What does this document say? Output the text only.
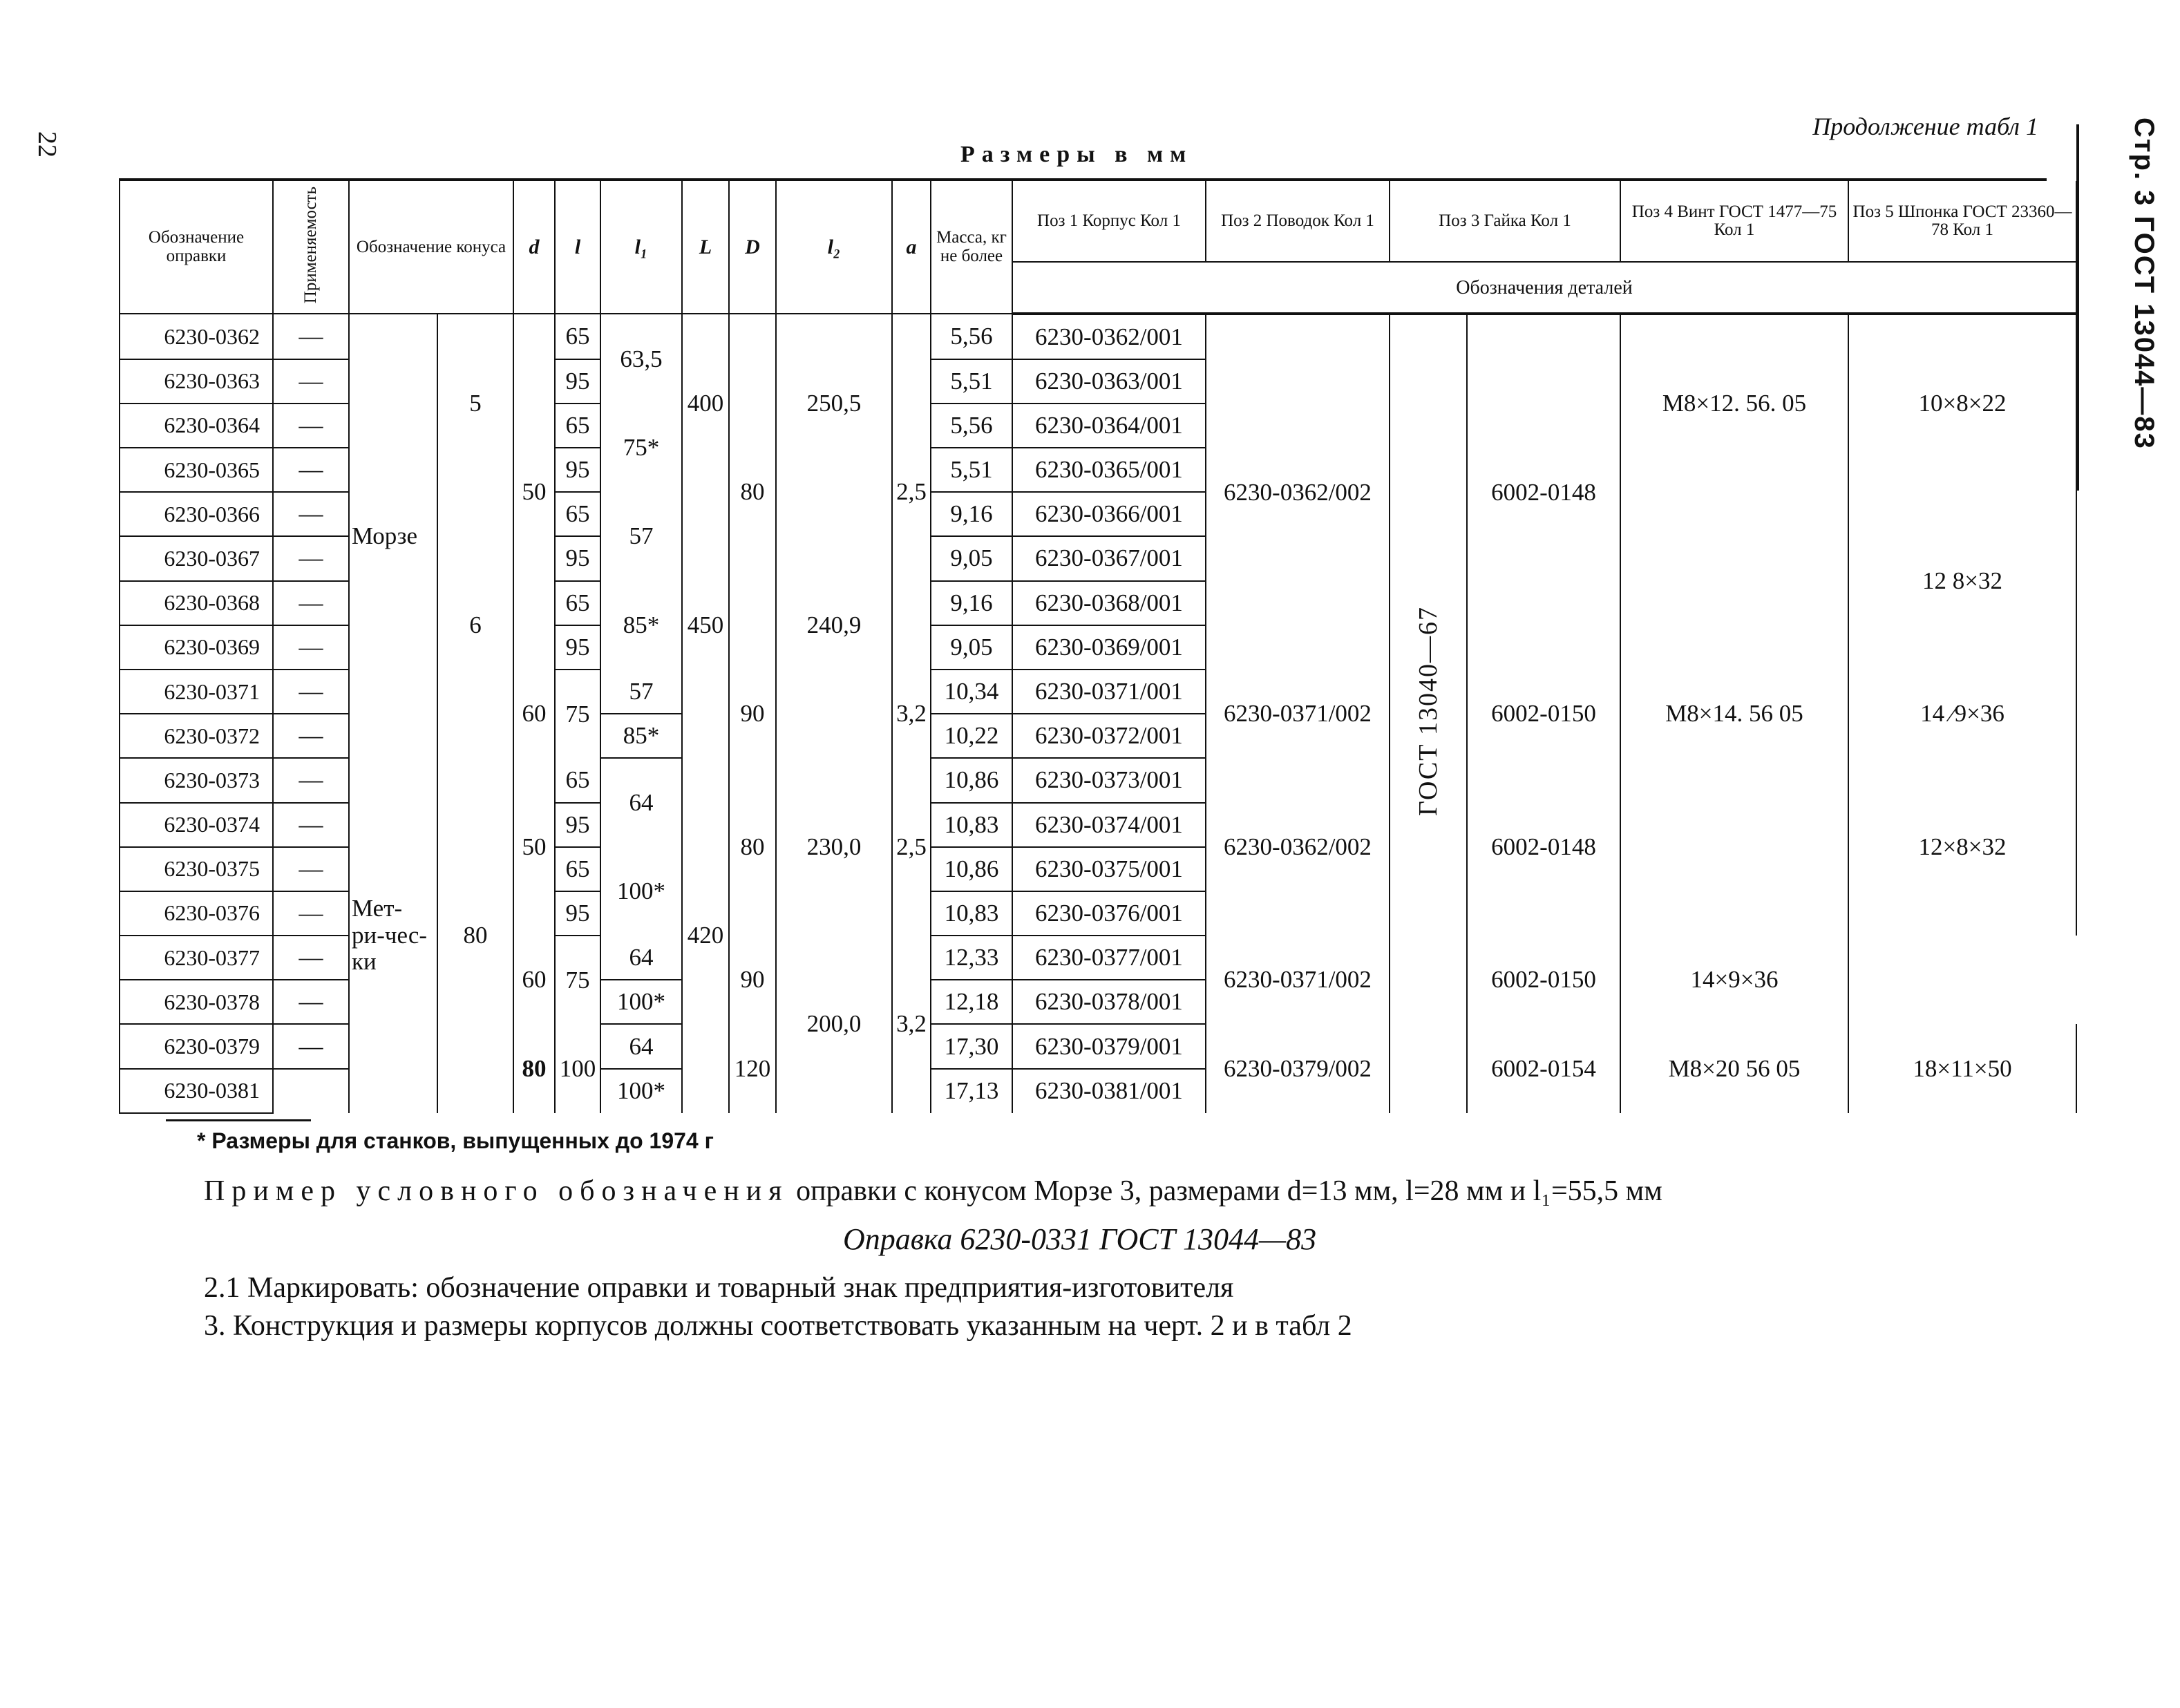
22
Продолжение табл 1
Размеры в мм	Стр. 3 ГОСТ 13044—83
Обозначение оправки	Применяемость	Обозначение конуса		d	l	l₁	L	D	l₂	a	Масса, кг не более	Поз 1 Корпус Кол 1	Поз 2 Поводок Кол 1	Поз 3 Гайка Кол 1		Поз 4 Винт ГОСТ 1477—75 Кол 1	Поз 5 Шпонка ГОСТ 23360—78 Кол 1
												Обозначения деталей					
6230-0362	—	Морзе	5	50	65	63,5	400	80	250,5	2,5	5,56	6230-0362/001	6230-0362/002	ГОСТ 13040—67	6002-0148	М8×12. 56. 05	10×8×22
6230-0363	—				95						5,51	6230-0363/001					
6230-0364	—				65	75*					5,56	6230-0364/001					
6230-0365	—				95						5,51	6230-0365/001					
6230-0366	—		6		65	57	450		240,9		9,16	6230-0366/001				М8×14. 56 05	12 8×32
6230-0367	—				95						9,05	6230-0367/001					
6230-0368	—				65	85*					9,16	6230-0368/001					
6230-0369	—				95						9,05	6230-0369/001					
6230-0371	—			60	75	57		90		3,2	10,34	6230-0371/001	6230-0371/002		6002-0150		14 ⁄9×36
6230-0372	—					85*					10,22	6230-0372/001					
6230-0373	—	Мет-ри-чес-ки	80	50	65	64	420	80	230,0	2,5	10,86	6230-0373/001	6230-0362/002		6002-0148		12×8×32
6230-0374	—				95						10,83	6230-0374/001					
6230-0375	—				65	100*					10,86	6230-0375/001					
6230-0376	—				95						10,83	6230-0376/001					
6230-0377	—			60	75	64		90	200,0	3,2	12,33	6230-0377/001	6230-0371/002		6002-0150	14×9×36	
6230-0378	—					100*					12,18	6230-0378/001					
6230-0379	—			80	100	64		120			17,30	6230-0379/001	6230-0379/002		6002-0154	М8×20 56 05	18×11×50
6230-0381						100*					17,13	6230-0381/001					
* Размеры для станков, выпущенных до 1974 г
Пример условного обозначения оправки с конусом Морзе 3, размерами d=13 мм, l=28 мм и l₁=55,5 мм
Оправка 6230-0331 ГОСТ 13044—83
2.1 Маркировать: обозначение оправки и товарный знак предприятия-изготовителя
3. Конструкция и размеры корпусов должны соответствовать указанным на черт. 2 и в табл 2
